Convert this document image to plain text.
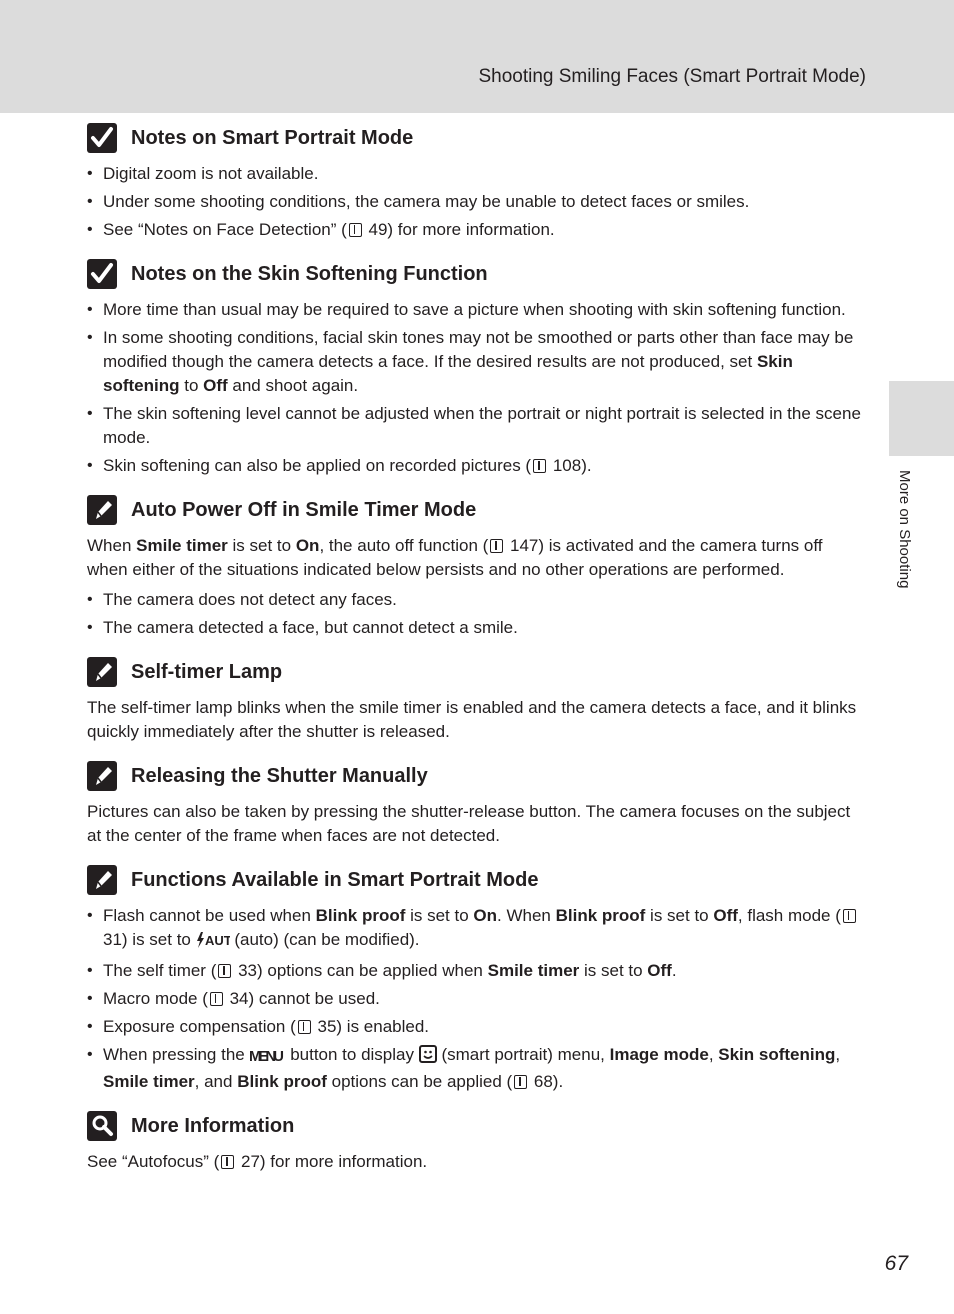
Shooting Smiling Faces (Smart Portrait Mode)
More on Shooting
67
Notes on Smart Portrait Mode
• Digital zoom is not available.
• Under some shooting conditions, the camera may be unable to detect faces or smiles.
• See “Notes on Face Detection” ( 49) for more information.
Notes on the Skin Softening Function
• More time than usual may be required to save a picture when shooting with skin softening function.
• In some shooting conditions, facial skin tones may not be smoothed or parts other than face may be modified though the camera detects a face. If the desired results are not produced, set Skin softening to Off and shoot again.
• The skin softening level cannot be adjusted when the portrait or night portrait is selected in the scene mode.
• Skin softening can also be applied on recorded pictures ( 108).
Auto Power Off in Smile Timer Mode
When Smile timer is set to On, the auto off function ( 147) is activated and the camera turns off when either of the situations indicated below persists and no other operations are performed.
• The camera does not detect any faces.
• The camera detected a face, but cannot detect a smile.
Self-timer Lamp
The self-timer lamp blinks when the smile timer is enabled and the camera detects a face, and it blinks quickly immediately after the shutter is released.
Releasing the Shutter Manually
Pictures can also be taken by pressing the shutter-release button. The camera focuses on the subject at the center of the frame when faces are not detected.
Functions Available in Smart Portrait Mode
• Flash cannot be used when Blink proof is set to On. When Blink proof is set to Off, flash mode ( 31) is set to AUT
(auto) (can be modified).
• The self timer ( 33) options can be applied when Smile timer is set to Off.
• Macro mode ( 34) cannot be used.
• Exposure compensation ( 35) is enabled.
• When pressing the MENU button to display  (smart portrait) menu, Image mode, Skin softening, Smile timer, and Blink proof options can be applied ( 68).
More Information
See “Autofocus” ( 27) for more information.
